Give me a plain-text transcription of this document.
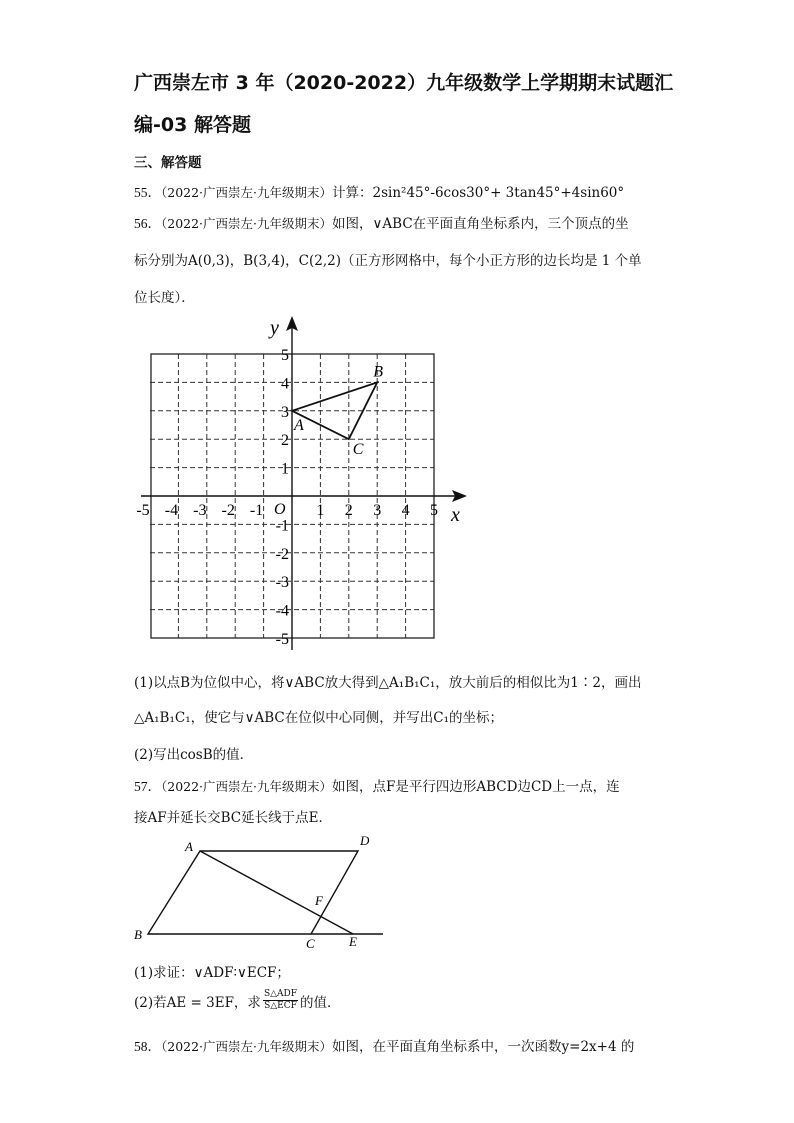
广西崇左市 3 年（2020-2022）九年级数学上学期期末试题汇
编-03 解答题
三、解答题
55．（2022·广西崇左·九年级期末）计算：2sin²45°-6cos30°+ 3tan45°+4sin60°
56．（2022·广西崇左·九年级期末）如图，∨ABC在平面直角坐标系内，三个顶点的坐
标分别为A(0,3)，B(3,4)，C(2,2)（正方形网格中，每个小正方形的边长均是 1 个单
位长度）．
x
y
O
-5 -4 -3 -2 -1	1 2 3 4 5
5
4
3
2
1
-1
-2
-3
-4
-5
A
B
C
(1)以点B为位似中心，将∨ABC放大得到△A₁B₁C₁，放大前后的相似比为1∶2，画出
△A₁B₁C₁，使它与∨ABC在位似中心同侧，并写出C₁的坐标；
(2)写出cosB的值．
57．（2022·广西崇左·九年级期末）如图，点F是平行四边形ABCD边CD上一点，连
接AF并延长交BC延长线于点E．
A
B
C
D
E
F
(1)求证：∨ADF∶∨ECF；
(2)若AE = 3EF，求
S△ADF
S△ECF 的值．
58．（2022·广西崇左·九年级期末）如图，在平面直角坐标系中，一次函数y=2x+4 的
